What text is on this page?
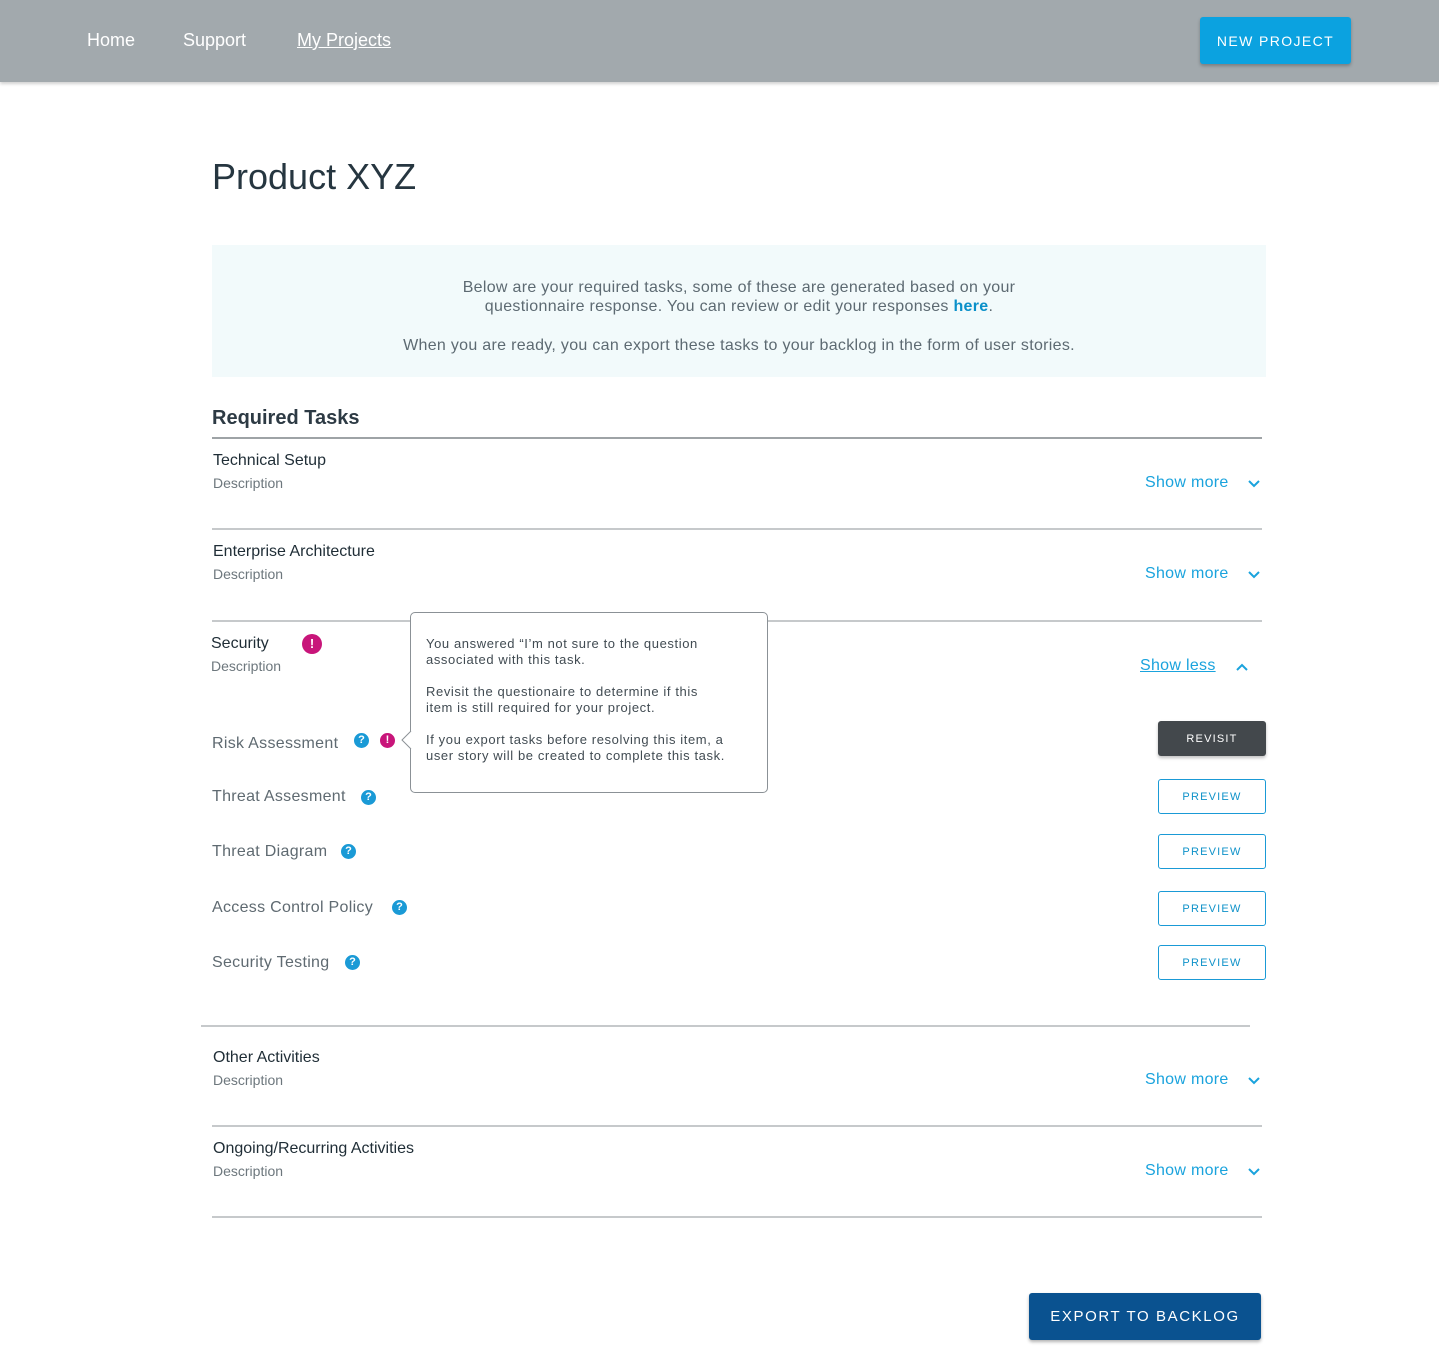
Home	Support	My Projects	NEW PROJECT
Product XYZ
Below are your required tasks, some of these are generated based on your
questionnaire response. You can review or edit your responses here.
When you are ready, you can export these tasks to your backlog in the form of user stories.
Required Tasks
Technical Setup
Description	Show more
Enterprise Architecture
Description	Show more
Security	!
Description	Show less
Risk Assessment	?	!	REVISIT
Threat Assesment	?	PREVIEW
Threat Diagram	?	PREVIEW
Access Control Policy	?	PREVIEW
Security Testing	?	PREVIEW
Other Activities
Description	Show more
Ongoing/Recurring Activities
Description	Show more
You answered “I’m not sure to the question
associated with this task.
Revisit the questionaire to determine if this
item is still required for your project.
If you export tasks before resolving this item, a
user story will be created to complete this task.
EXPORT TO BACKLOG
